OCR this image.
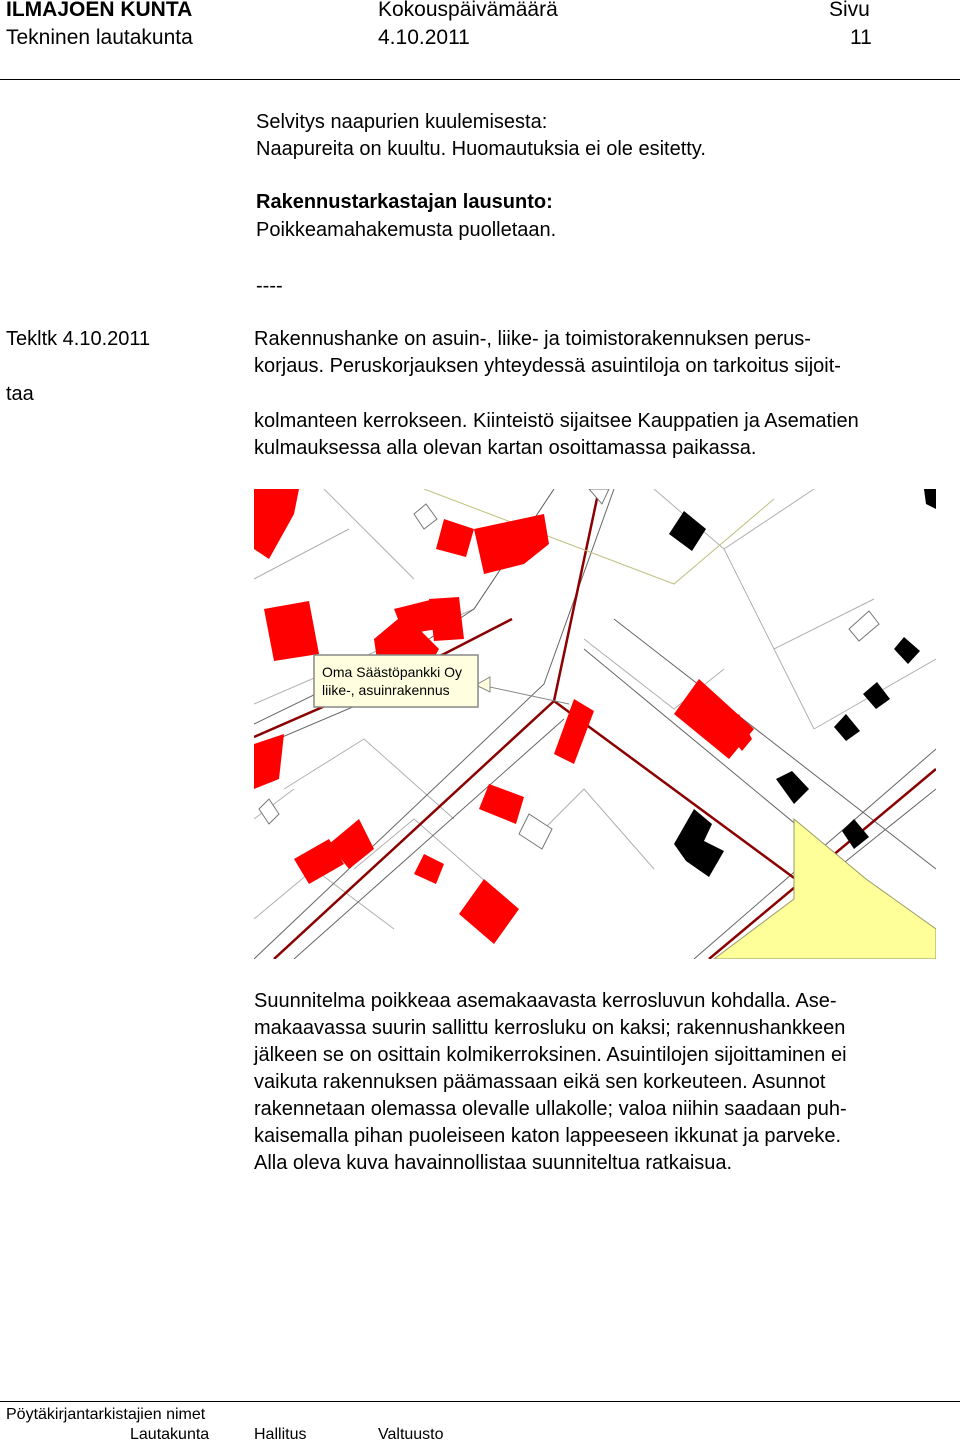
ILMAJOEN KUNTA
Tekninen lautakunta
Kokouspäivämäärä
4.10.2011
Sivu
11
Selvitys naapurien kuulemisesta:
Naapureita on kuultu. Huomautuksia ei ole esitetty.
Rakennustarkastajan lausunto:
Poikkeamahakemusta puolletaan.
----
Tekltk 4.10.2011
taa
Rakennushanke on asuin-, liike- ja toimistorakennuksen perus-
korjaus. Peruskorjauksen yhteydessä asuintiloja on tarkoitus sijoit-
kolmanteen kerrokseen. Kiinteistö sijaitsee Kauppatien ja Asematien
kulmauksessa alla olevan kartan osoittamassa paikassa.
Oma Säästöpankki Oy
liike-, asuinrakennus
Suunnitelma poikkeaa asemakaavasta kerrosluvun kohdalla. Ase-
makaavassa suurin sallittu kerrosluku on kaksi; rakennushankkeen
jälkeen se on osittain kolmikerroksinen. Asuintilojen sijoittaminen ei
vaikuta rakennuksen päämassaan eikä sen korkeuteen. Asunnot
rakennetaan olemassa olevalle ullakolle; valoa niihin saadaan puh-
kaisemalla pihan puoleiseen katon lappeeseen ikkunat ja parveke.
Alla oleva kuva havainnollistaa suunniteltua ratkaisua.
Pöytäkirjantarkistajien nimet
Lautakunta	Hallitus	Valtuusto
